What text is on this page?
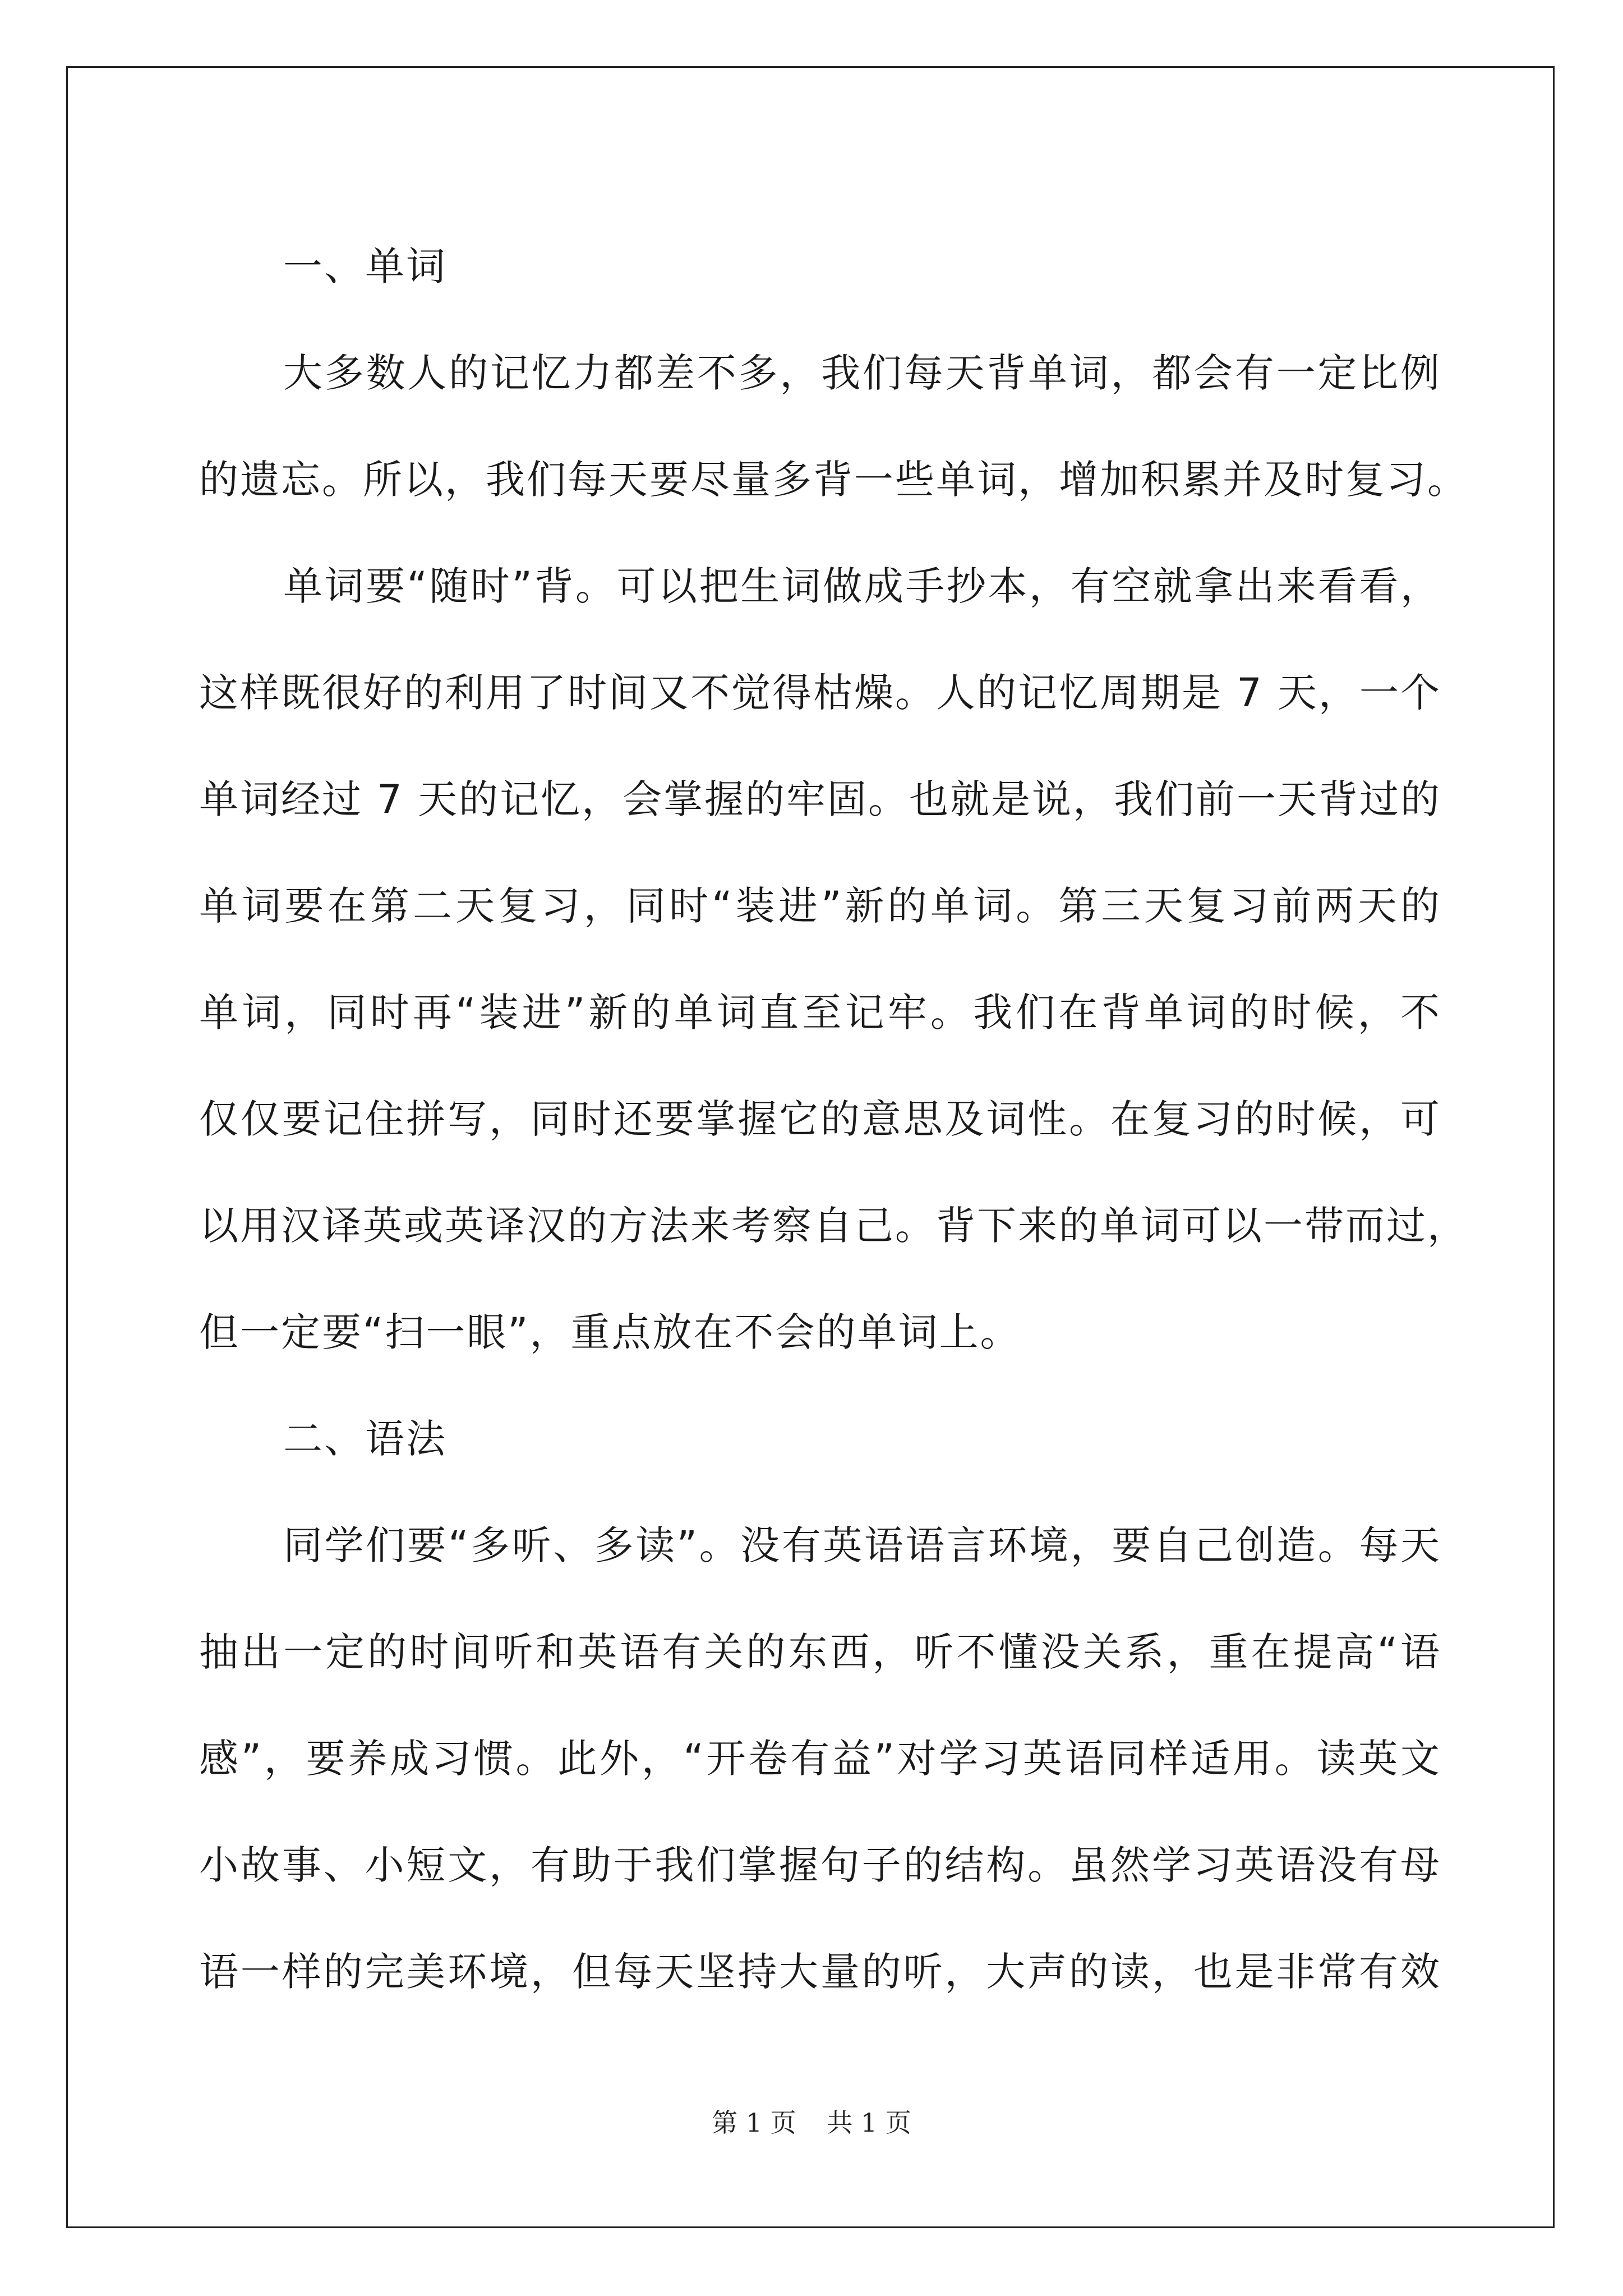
一、单词
大多数人的记忆力都差不多，我们每天背单词，都会有一定比例
的遗忘。所以，我们每天要尽量多背一些单词，增加积累并及时复习。
单词要“随时”背。可以把生词做成手抄本，有空就拿出来看看，
这样既很好的利用了时间又不觉得枯燥。人的记忆周期是 7 天，一个
单词经过 7 天的记忆，会掌握的牢固。也就是说，我们前一天背过的
单词要在第二天复习，同时“装进”新的单词。第三天复习前两天的
单词，同时再“装进”新的单词直至记牢。我们在背单词的时候，不
仅仅要记住拼写，同时还要掌握它的意思及词性。在复习的时候，可
以用汉译英或英译汉的方法来考察自己。背下来的单词可以一带而过，
但一定要“扫一眼”，重点放在不会的单词上。
二、语法
同学们要“多听、多读”。没有英语语言环境，要自己创造。每天
抽出一定的时间听和英语有关的东西，听不懂没关系，重在提高“语
感”，要养成习惯。此外，“开卷有益”对学习英语同样适用。读英文
小故事、小短文，有助于我们掌握句子的结构。虽然学习英语没有母
语一样的完美环境，但每天坚持大量的听，大声的读，也是非常有效
第 1 页 共 1 页
